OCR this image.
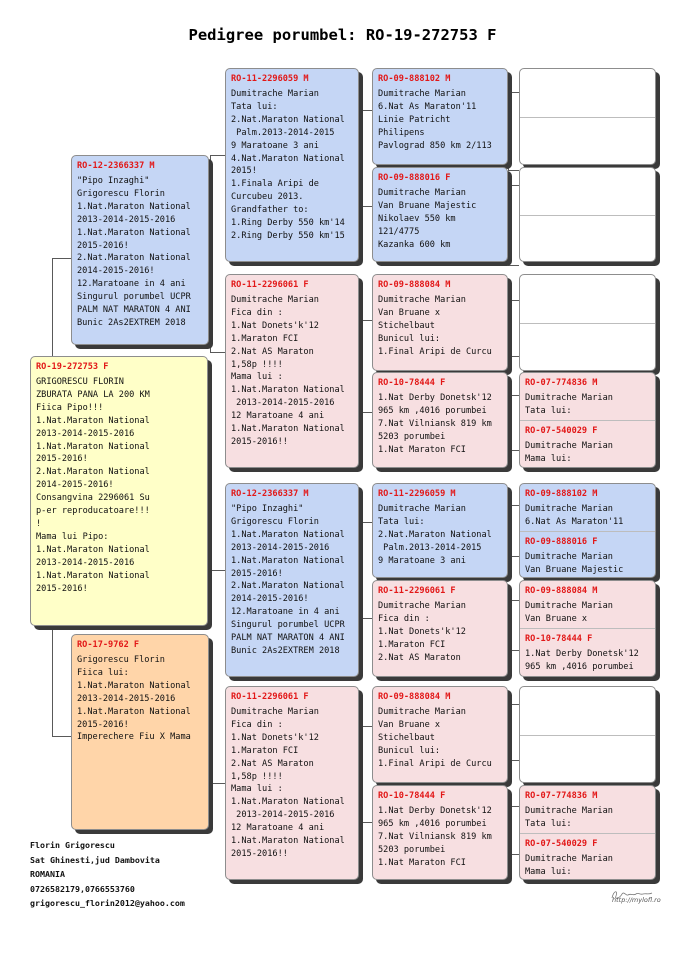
Pedigree porumbel: RO-19-272753 F
RO-19-272753 F
GRIGORESCU FLORIN
ZBURATA PANA LA 200 KM
Fiica Pipo!!!
1.Nat.Maraton National
2013-2014-2015-2016
1.Nat.Maraton National
2015-2016!
2.Nat.Maraton National
2014-2015-2016!
Consangvina 2296061 Su
p-er reproducatoare!!!
!
Mama lui Pipo:
1.Nat.Maraton National
2013-2014-2015-2016
1.Nat.Maraton National
2015-2016!
RO-12-2366337 M
"Pipo Inzaghi"
Grigorescu Florin
1.Nat.Maraton National
2013-2014-2015-2016
1.Nat.Maraton National
2015-2016!
2.Nat.Maraton National
2014-2015-2016!
12.Maratoane in 4 ani
Singurul porumbel UCPR
PALM NAT MARATON 4 ANI
Bunic 2As2EXTREM 2018
RO-17-9762 F
Grigorescu Florin
Fiica lui:
1.Nat.Maraton National
2013-2014-2015-2016
1.Nat.Maraton National
2015-2016!
Imperechere Fiu X Mama
RO-11-2296059 M
Dumitrache Marian
Tata lui:
2.Nat.Maraton National
Palm.2013-2014-2015
9 Maratoane 3 ani
4.Nat.Maraton National
2015!
1.Finala Aripi de
Curcubeu 2013.
Grandfather to:
1.Ring Derby 550 km'14
2.Ring Derby 550 km'15
RO-11-2296061 F
Dumitrache Marian
Fica din :
1.Nat Donets'k'12
1.Maraton FCI
2.Nat AS Maraton
1,58p !!!!
Mama lui :
1.Nat.Maraton National
2013-2014-2015-2016
12 Maratoane 4 ani
1.Nat.Maraton National
2015-2016!!
RO-12-2366337 M
"Pipo Inzaghi"
Grigorescu Florin
1.Nat.Maraton National
2013-2014-2015-2016
1.Nat.Maraton National
2015-2016!
2.Nat.Maraton National
2014-2015-2016!
12.Maratoane in 4 ani
Singurul porumbel UCPR
PALM NAT MARATON 4 ANI
Bunic 2As2EXTREM 2018
RO-11-2296061 F
Dumitrache Marian
Fica din :
1.Nat Donets'k'12
1.Maraton FCI
2.Nat AS Maraton
1,58p !!!!
Mama lui :
1.Nat.Maraton National
2013-2014-2015-2016
12 Maratoane 4 ani
1.Nat.Maraton National
2015-2016!!
RO-09-888102 M
Dumitrache Marian
6.Nat As Maraton'11
Linie Patricht
Philipens
Pavlograd 850 km 2/113
RO-09-888016 F
Dumitrache Marian
Van Bruane Majestic
Nikolaev 550 km
121/4775
Kazanka 600 km
RO-09-888084 M
Dumitrache Marian
Van Bruane x
Stichelbaut
Bunicul lui:
1.Final Aripi de Curcu
RO-10-78444 F
1.Nat Derby Donetsk'12
965 km ,4016 porumbei
7.Nat Vilniansk 819 km
5203 porumbei
1.Nat Maraton FCI
RO-11-2296059 M
Dumitrache Marian
Tata lui:
2.Nat.Maraton National
Palm.2013-2014-2015
9 Maratoane 3 ani
RO-11-2296061 F
Dumitrache Marian
Fica din :
1.Nat Donets'k'12
1.Maraton FCI
2.Nat AS Maraton
RO-09-888084 M
Dumitrache Marian
Van Bruane x
Stichelbaut
Bunicul lui:
1.Final Aripi de Curcu
RO-10-78444 F
1.Nat Derby Donetsk'12
965 km ,4016 porumbei
7.Nat Vilniansk 819 km
5203 porumbei
1.Nat Maraton FCI
RO-07-774836 M
Dumitrache Marian
Tata lui:
RO-07-540029 F
Dumitrache Marian
Mama lui:
RO-09-888102 M
Dumitrache Marian
6.Nat As Maraton'11
RO-09-888016 F
Dumitrache Marian
Van Bruane Majestic
RO-09-888084 M
Dumitrache Marian
Van Bruane x
RO-10-78444 F
1.Nat Derby Donetsk'12
965 km ,4016 porumbei
RO-07-774836 M
Dumitrache Marian
Tata lui:
RO-07-540029 F
Dumitrache Marian
Mama lui:
Florin Grigorescu
Sat Ghinesti,jud Dambovita
ROMANIA
0726582179,0766553760
grigorescu_florin2012@yahoo.com	http://mylofl.ro
